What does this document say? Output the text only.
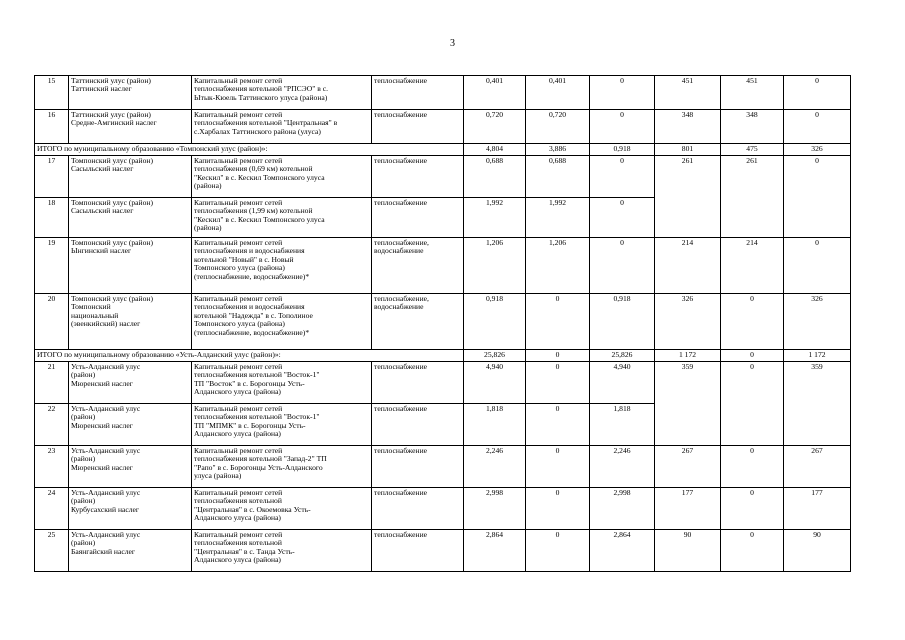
3
15	Таттинский улус (район)
Таттинский наслег	Капитальный ремонт сетей
теплоснабжения котельной "РПСЭО" в с.
Ытык-Кюель Таттинского улуса (района)	теплоснабжение	0,401	0,401	0	451	451	0
16	Таттинский улус (район)
Средне-Амгинский наслег	Капитальный ремонт сетей
теплоснабжения котельной "Центральная" в
с.Харбалах Таттинского района (улуса)	теплоснабжение	0,720	0,720	0	348	348	0
ИТОГО по муниципальному образованию «Томпонский улус (район)»:				4,804	3,886	0,918	801	475	326
17	Томпонский улус (район)
Сасыльский наслег	Капитальный ремонт сетей
теплоснабжения (0,69 км) котельной
"Кескил" в с. Кескил Томпонского улуса
(района)	теплоснабжение	0,688	0,688	0	261	261	0
18	Томпонский улус (район)
Сасыльский наслег	Капитальный ремонт сетей
теплоснабжения (1,99 км) котельной
"Кескил" в с. Кескил Томпонского улуса
(района)	теплоснабжение	1,992	1,992	0			
19	Томпонский улус (район)
Ынгинский наслег	Капитальный ремонт сетей
теплоснабжения и водоснабжения
котельной "Новый" в с. Новый
Томпонского улуса (района)
(теплоснабжение, водоснабжение)*	теплоснабжение,
водоснабжение	1,206	1,206	0	214	214	0
20	Томпонский улус (район)
Томпонский
национальный
(эвенкийский) наслег	Капитальный ремонт сетей
теплоснабжения и водоснабжения
котельной "Надежда" в с. Тополиное
Томпонского улуса (района)
(теплоснабжение, водоснабжение)*	теплоснабжение,
водоснабжение	0,918	0	0,918	326	0	326
ИТОГО по муниципальному образованию «Усть-Алданский улус (район)»:				25,826	0	25,826	1 172	0	1 172
21	Усть-Алданский улус
(район)
Мюренский наслег	Капитальный ремонт сетей
теплоснабжения котельной "Восток-1"
ТП "Восток" в с. Борогонцы Усть-
Алданского улуса (района)	теплоснабжение	4,940	0	4,940	359	0	359
22	Усть-Алданский улус
(район)
Мюренский наслег	Капитальный ремонт сетей
теплоснабжения котельной "Восток-1"
ТП "МПМК" в с. Борогонцы Усть-
Алданского улуса (района)	теплоснабжение	1,818	0	1,818			
23	Усть-Алданский улус
(район)
Мюренский наслег	Капитальный ремонт сетей
теплоснабжения котельной "Запад-2" ТП
"Рапо" в с. Борогонцы Усть-Алданского
улуса (района)	теплоснабжение	2,246	0	2,246	267	0	267
24	Усть-Алданский улус
(район)
Курбусахский наслег	Капитальный ремонт сетей
теплоснабжения котельной
"Центральная" в с. Окоемовка Усть-
Алданского улуса (района)	теплоснабжение	2,998	0	2,998	177	0	177
25	Усть-Алданский улус
(район)
Баянгайский наслег	Капитальный ремонт сетей
теплоснабжения котельной
"Центральная" в с. Танда Усть-
Алданского улуса (района)	теплоснабжение	2,864	0	2,864	90	0	90
